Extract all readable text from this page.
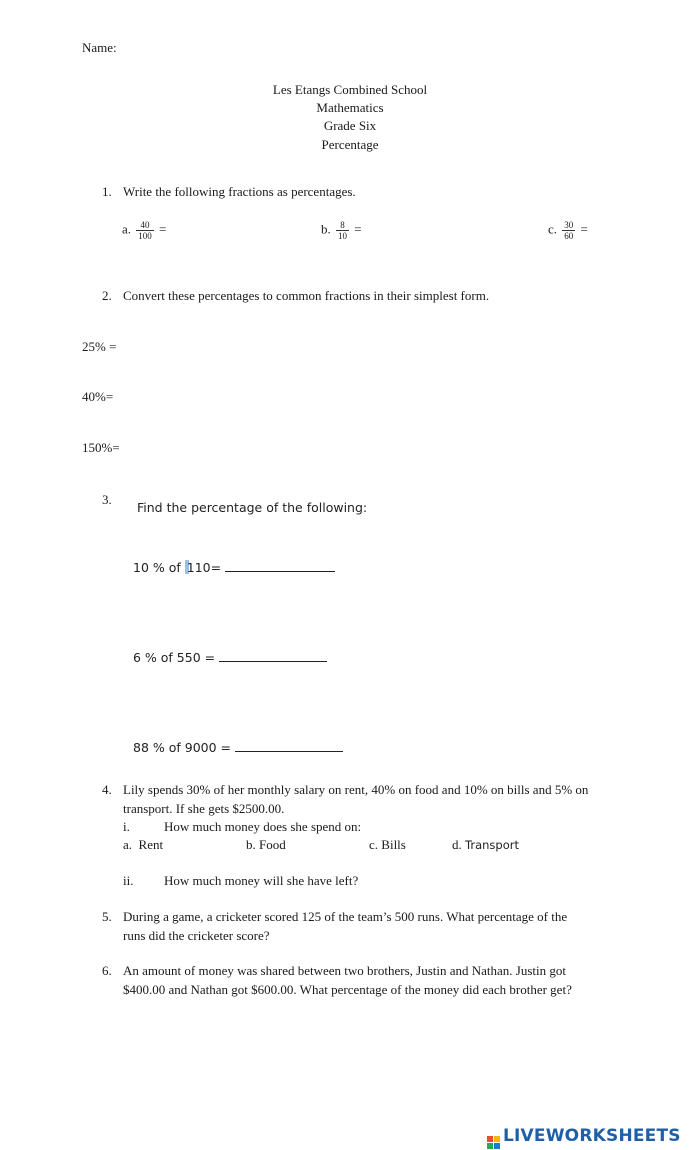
Name:
Les Etangs Combined School
Mathematics
Grade Six
Percentage
1. Write the following fractions as percentages.
a. $\frac{40}{100}$ =	b. $\frac{8}{10}$ =	c. $\frac{30}{60}$ =
2. Convert these percentages to common fractions in their simplest form.
25% =
40%=
150%=
3.
Find the percentage of the following:
10 % of 110=
6 % of 550 =
88 % of 9000 =
4. Lily spends 30% of her monthly salary on rent, 40% on food and 10% on bills and 5% on
transport. If she gets $2500.00.
i.	How much money does she spend on:
a. Rent	b. Food	c. Bills	d. Transport
ii. How much money will she have left?
5. During a game, a cricketer scored 125 of the team’s 500 runs. What percentage of the
runs did the cricketer score?
6. An amount of money was shared between two brothers, Justin and Nathan. Justin got
$400.00 and Nathan got $600.00. What percentage of the money did each brother get?
LIVEWORKSHEETS
